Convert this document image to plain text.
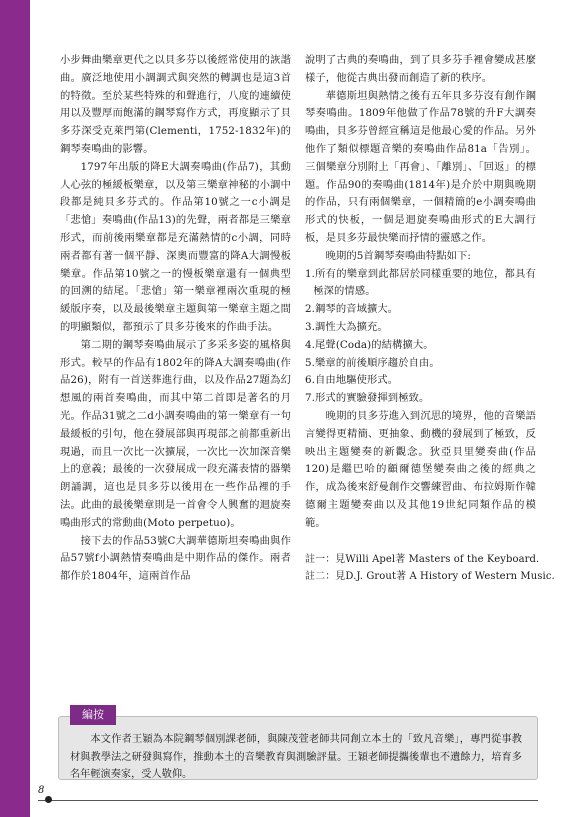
小步舞曲樂章更代之以貝多芬以後經常使用的詼諧曲。廣泛地使用小調調式與突然的轉調也是這3首的特徵。至於某些特殊的和聲進行，八度的連續使用以及豐厚而飽滿的鋼琴寫作方式，再度顯示了貝多芬深受克萊門第(Clementi，1752-1832年)的鋼琴奏鳴曲的影響。

1797年出版的降E大調奏鳴曲(作品7)，其動人心弦的極緩板樂章，以及第三樂章神秘的小調中段都是純貝多芬式的。作品第10號之一c小調是「悲愴」奏鳴曲(作品13)的先聲，兩者都是三樂章形式，而前後兩樂章都是充滿熱情的c小調，同時兩者都有著一個平靜、深奧而豐富的降A大調慢板樂章。作品第10號之一的慢板樂章還有一個典型的回溯的結尾。「悲愴」第一樂章裡兩次重現的極緩版序奏，以及最後樂章主題與第一樂章主題之間的明顯類似，都預示了貝多芬後來的作曲手法。

第二期的鋼琴奏鳴曲展示了多采多姿的風格與形式。較早的作品有1802年的降A大調奏鳴曲(作品26)，附有一首送葬進行曲，以及作品27題為幻想風的兩首奏鳴曲，而其中第二首即是著名的月光。作品31號之二d小調奏鳴曲的第一樂章有一句最緩板的引句，他在發展部與再現部之前都重新出現過，而且一次比一次擴展，一次比一次加深音樂上的意義；最後的一次發展成一段充滿表情的器樂朗誦調，這也是貝多芬以後用在一些作品裡的手法。此曲的最後樂章則是一首會令人興奮的迴旋奏鳴曲形式的常動曲(Moto perpetuo)。

接下去的作品53號C大調華德斯坦奏鳴曲與作品57號f小調熱情奏鳴曲是中期作品的傑作。兩者都作於1804年，這兩首作品

說明了古典的奏鳴曲，到了貝多芬手裡會變成甚麼樣子，他從古典出發而創造了新的秩序。

華德斯坦與熱情之後有五年貝多芬沒有創作鋼琴奏鳴曲。1809年他做了作品78號的升F大調奏鳴曲，貝多芬曾經宣稱這是他最心愛的作品。另外他作了類似標題音樂的奏鳴曲作品81a「告別」。三個樂章分別附上「再會」、「離別」、「回返」的標題。作品90的奏鳴曲(1814年)是介於中期與晚期的作品，只有兩個樂章，一個精簡的e小調奏鳴曲形式的快板，一個是迴旋奏鳴曲形式的E大調行板，是貝多芬最快樂而抒情的靈感之作。

晚期的5首鋼琴奏鳴曲特點如下:

1.所有的樂章到此都居於同樣重要的地位，都具有極深的情感。

2.鋼琴的音域擴大。

3.調性大為擴充。

4.尾聲(Coda)的結構擴大。

5.樂章的前後順序趨於自由。

6.自由地驅使形式。

7.形式的實驗發揮到極致。

晚期的貝多芬進入到沉思的境界，他的音樂語言變得更精簡、更抽象、動機的發展到了極致，反映出主題變奏的新觀念。狄亞貝里變奏曲(作品120)是繼巴哈的顧爾德堡變奏曲之後的經典之作，成為後來舒曼創作交響練習曲、布拉姆斯作韓德爾主題變奏曲以及其他19世紀同類作品的模範。

註一：見Willi Apel著 Masters of the Keyboard.

註二：見D.J. Grout著 A History of Western Music.

編按

本文作者王穎為本院鋼琴個別課老師，與陳茂萱老師共同創立本土的「致凡音樂」，專門從事教材與教學法之研發與寫作，推動本土的音樂教育與測驗評量。王穎老師提攜後輩也不遺餘力，培育多名年輕演奏家，受人敬仰。

8
